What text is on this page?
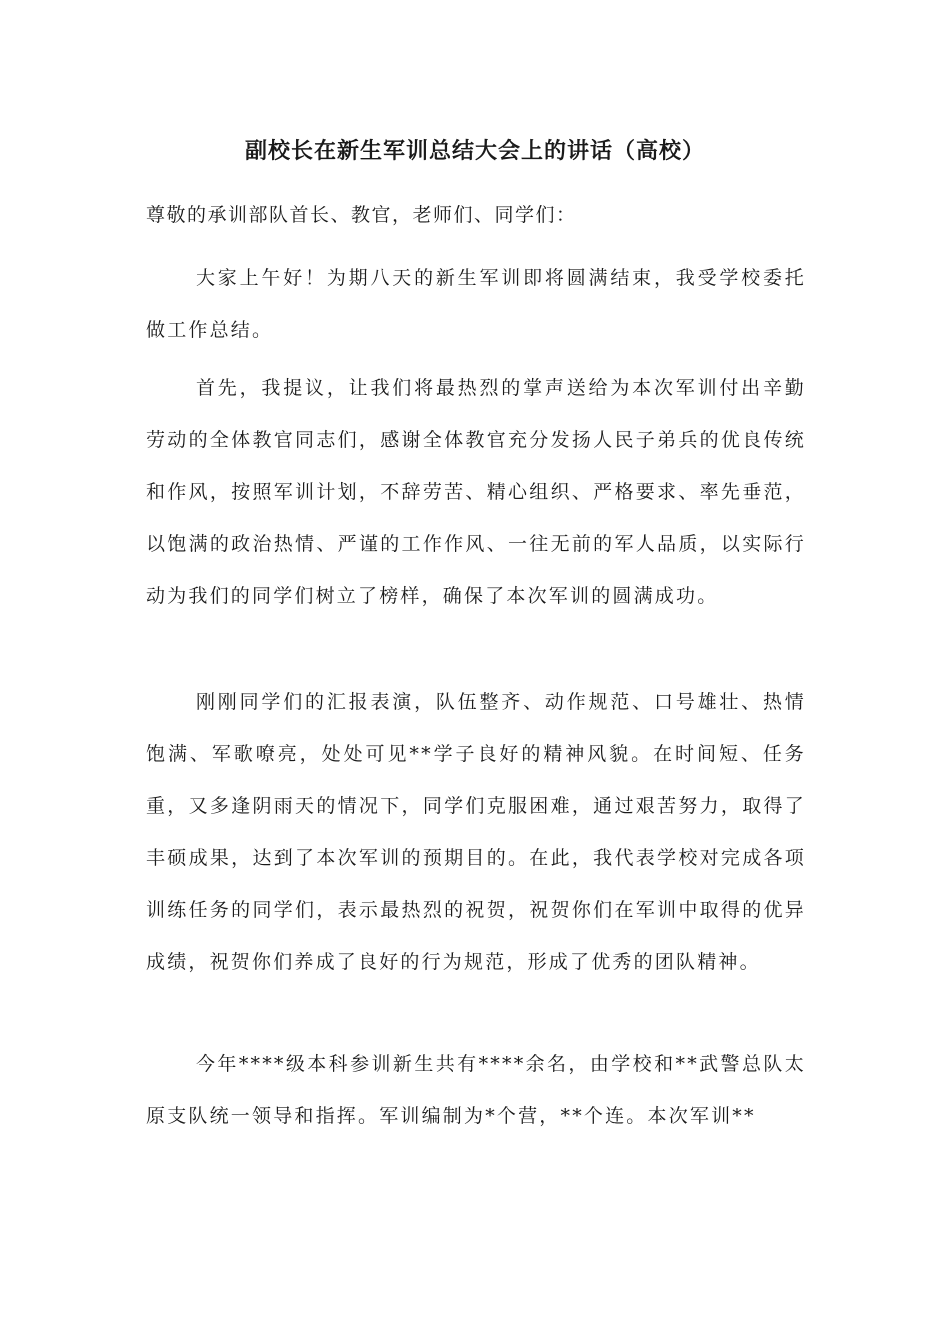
副校长在新生军训总结大会上的讲话（高校）

尊敬的承训部队首长、教官，老师们、同学们：

大家上午好！为期八天的新生军训即将圆满结束，我受学校委托做工作总结。

首先，我提议，让我们将最热烈的掌声送给为本次军训付出辛勤劳动的全体教官同志们，感谢全体教官充分发扬人民子弟兵的优良传统和作风，按照军训计划，不辞劳苦、精心组织、严格要求、率先垂范，以饱满的政治热情、严谨的工作作风、一往无前的军人品质，以实际行动为我们的同学们树立了榜样，确保了本次军训的圆满成功。

刚刚同学们的汇报表演，队伍整齐、动作规范、口号雄壮、热情饱满、军歌嘹亮，处处可见**学子良好的精神风貌。在时间短、任务重，又多逢阴雨天的情况下，同学们克服困难，通过艰苦努力，取得了丰硕成果，达到了本次军训的预期目的。在此，我代表学校对完成各项训练任务的同学们，表示最热烈的祝贺，祝贺你们在军训中取得的优异成绩，祝贺你们养成了良好的行为规范，形成了优秀的团队精神。

今年****级本科参训新生共有****余名，由学校和**武警总队太原支队统一领导和指挥。军训编制为*个营，**个连。本次军训**
